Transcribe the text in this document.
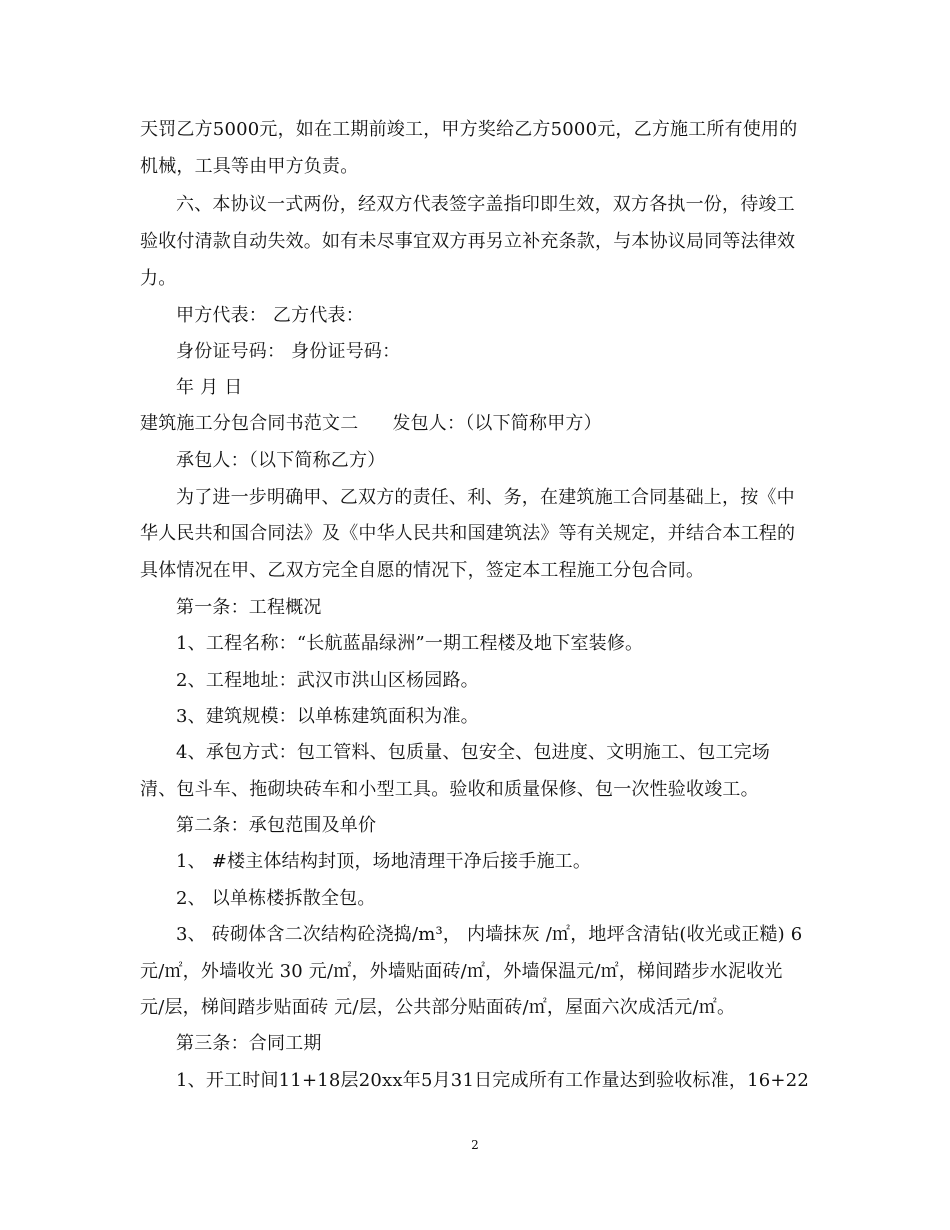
天罚乙方5000元，如在工期前竣工，甲方奖给乙方5000元，乙方施工所有使用的
机械，工具等由甲方负责。
六、本协议一式两份，经双方代表签字盖指印即生效，双方各执一份，待竣工
验收付清款自动失效。如有未尽事宜双方再另立补充条款，与本协议局同等法律效
力。
甲方代表： 乙方代表：
身份证号码： 身份证号码：
年 月 日
建筑施工分包合同书范文二 发包人：（以下简称甲方）
承包人：（以下简称乙方）
为了进一步明确甲、乙双方的责任、利、务，在建筑施工合同基础上，按《中
华人民共和国合同法》及《中华人民共和国建筑法》等有关规定，并结合本工程的
具体情况在甲、乙双方完全自愿的情况下，签定本工程施工分包合同。
第一条：工程概况
1、工程名称：“长航蓝晶绿洲”一期工程楼及地下室装修。
2、工程地址：武汉市洪山区杨园路。
3、建筑规模：以单栋建筑面积为准。
4、承包方式：包工管料、包质量、包安全、包进度、文明施工、包工完场
清、包斗车、拖砌块砖车和小型工具。验收和质量保修、包一次性验收竣工。
第二条：承包范围及单价
1、 #楼主体结构封顶，场地清理干净后接手施工。
2、 以单栋楼拆散全包。
3、 砖砌体含二次结构砼浇捣/m³， 内墙抹灰 /㎡，地坪含清钻(收光或正糙) 6
元/㎡，外墙收光 30 元/㎡，外墙贴面砖/㎡，外墙保温元/㎡，梯间踏步水泥收光
元/层，梯间踏步贴面砖 元/层，公共部分贴面砖/㎡，屋面六次成活元/㎡。
第三条：合同工期
1、开工时间11+18层20xx年5月31日完成所有工作量达到验收标准，16+22
2
